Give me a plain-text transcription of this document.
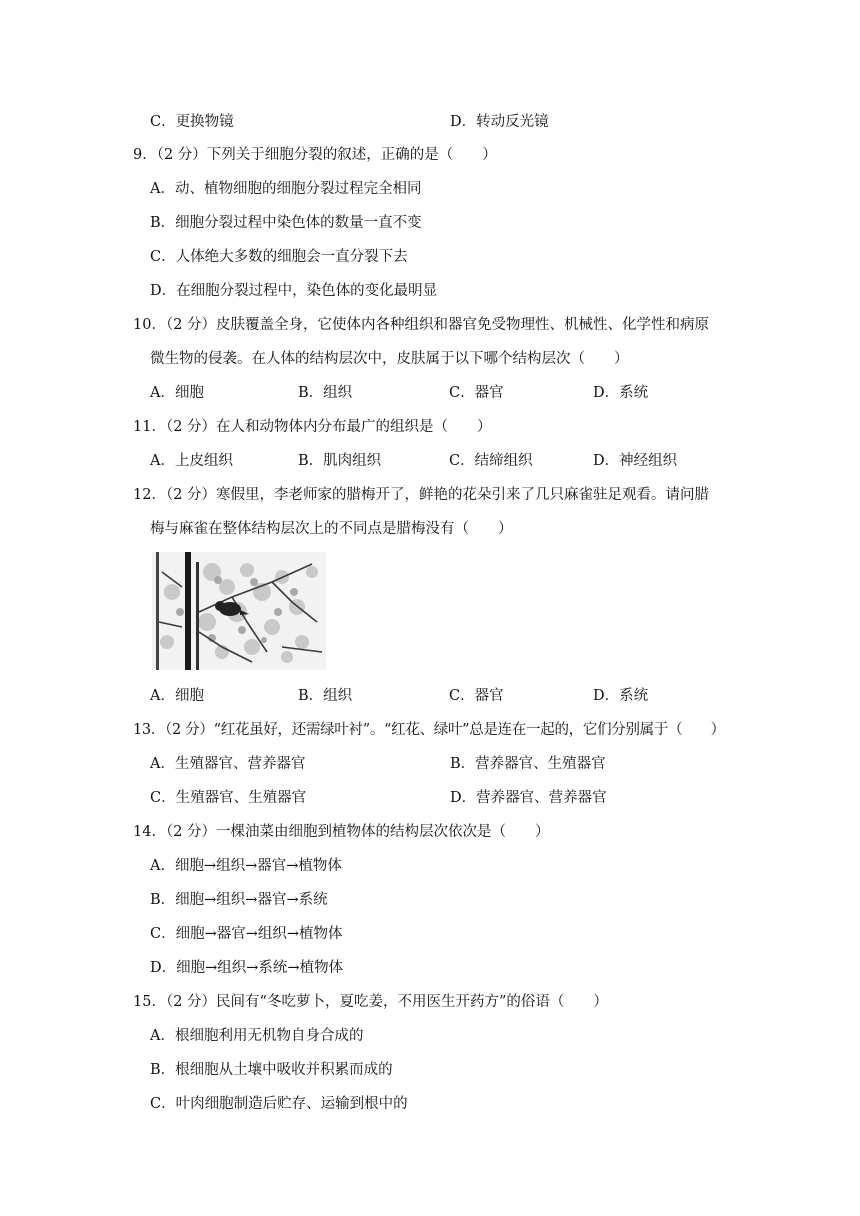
C．更换物镜	D．转动反光镜
9．（2 分）下列关于细胞分裂的叙述，正确的是（　　）
A．动、植物细胞的细胞分裂过程完全相同
B．细胞分裂过程中染色体的数量一直不变
C．人体绝大多数的细胞会一直分裂下去
D．在细胞分裂过程中，染色体的变化最明显
10．（2 分）皮肤覆盖全身，它使体内各种组织和器官免受物理性、机械性、化学性和病原
微生物的侵袭。在人体的结构层次中，皮肤属于以下哪个结构层次（　　）
A．细胞	B．组织	C．器官	D．系统
11．（2 分）在人和动物体内分布最广的组织是（　　）
A．上皮组织	B．肌肉组织	C．结缔组织	D．神经组织
12．（2 分）寒假里，李老师家的腊梅开了，鲜艳的花朵引来了几只麻雀驻足观看。请问腊
梅与麻雀在整体结构层次上的不同点是腊梅没有（　　）
A．细胞	B．组织	C．器官	D．系统
13．（2 分）“红花虽好，还需绿叶衬”。“红花、绿叶”总是连在一起的，它们分别属于（　　）
A．生殖器官、营养器官	B．营养器官、生殖器官
C．生殖器官、生殖器官	D．营养器官、营养器官
14．（2 分）一棵油菜由细胞到植物体的结构层次依次是（　　）
A．细胞→组织→器官→植物体
B．细胞→组织→器官→系统
C．细胞→器官→组织→植物体
D．细胞→组织→系统→植物体
15．（2 分）民间有“冬吃萝卜，夏吃姜，不用医生开药方”的俗语（　　）
A．根细胞利用无机物自身合成的
B．根细胞从土壤中吸收并积累而成的
C．叶肉细胞制造后贮存、运输到根中的
